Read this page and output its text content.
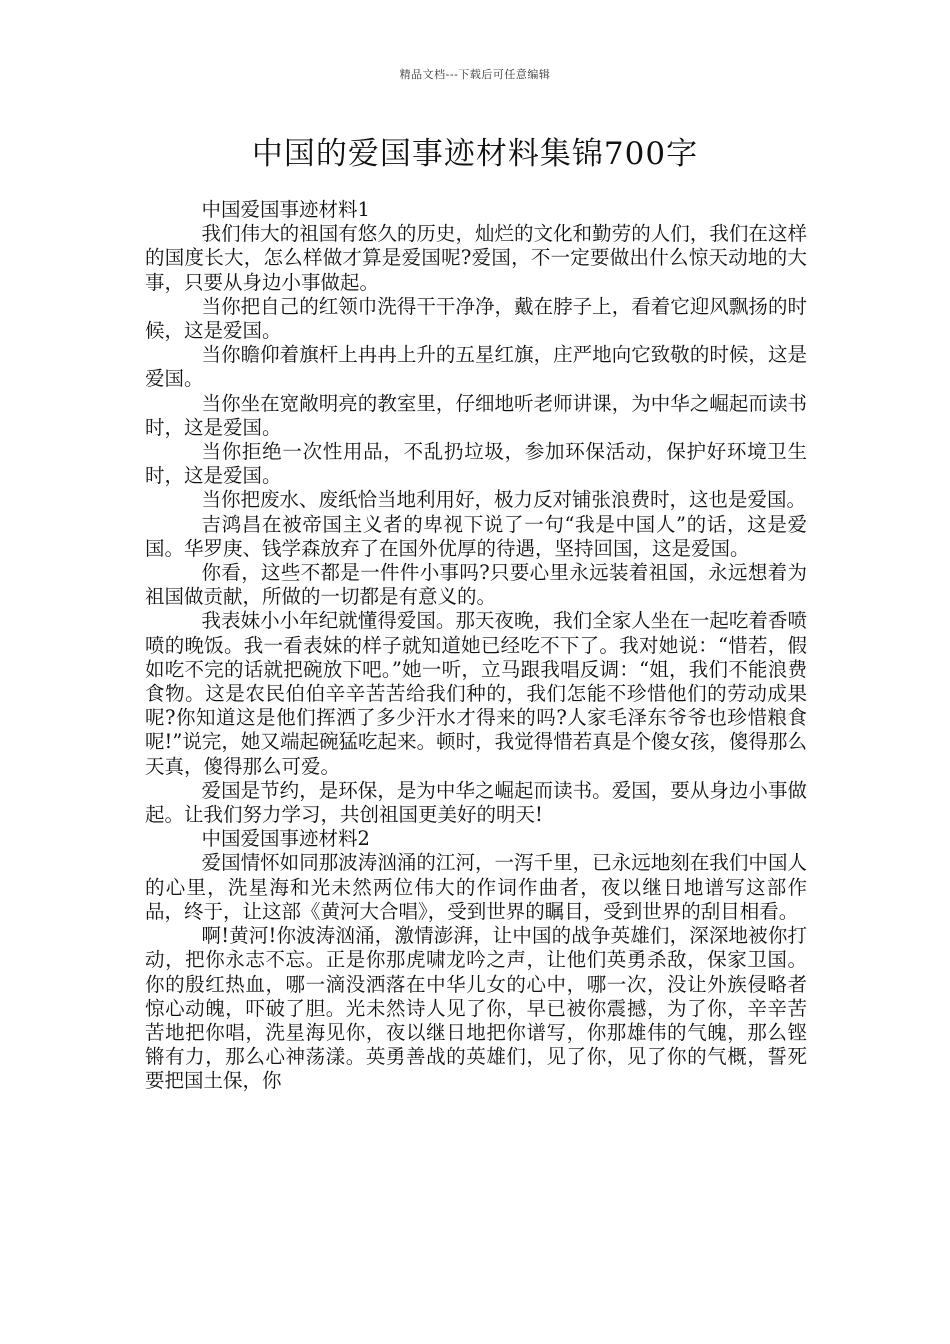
精品文档---下载后可任意编辑
中国的爱国事迹材料集锦700字

中国爱国事迹材料1

我们伟大的祖国有悠久的历史，灿烂的文化和勤劳的人们，我们在这样的国度长大，怎么样做才算是爱国呢?爱国，不一定要做出什么惊天动地的大事，只要从身边小事做起。

当你把自己的红领巾洗得干干净净，戴在脖子上，看着它迎风飘扬的时候，这是爱国。

当你瞻仰着旗杆上冉冉上升的五星红旗，庄严地向它致敬的时候，这是爱国。

当你坐在宽敞明亮的教室里，仔细地听老师讲课，为中华之崛起而读书时，这是爱国。

当你拒绝一次性用品，不乱扔垃圾，参加环保活动，保护好环境卫生时，这是爱国。

当你把废水、废纸恰当地利用好，极力反对铺张浪费时，这也是爱国。

吉鸿昌在被帝国主义者的卑视下说了一句“我是中国人”的话，这是爱国。华罗庚、钱学森放弃了在国外优厚的待遇，坚持回国，这是爱国。

你看，这些不都是一件件小事吗?只要心里永远装着祖国，永远想着为祖国做贡献，所做的一切都是有意义的。

我表妹小小年纪就懂得爱国。那天夜晚，我们全家人坐在一起吃着香喷喷的晚饭。我一看表妹的样子就知道她已经吃不下了。我对她说：“惜若，假如吃不完的话就把碗放下吧。”她一听，立马跟我唱反调：“姐，我们不能浪费食物。这是农民伯伯辛辛苦苦给我们种的，我们怎能不珍惜他们的劳动成果呢?你知道这是他们挥洒了多少汗水才得来的吗?人家毛泽东爷爷也珍惜粮食呢!”说完，她又端起碗猛吃起来。顿时，我觉得惜若真是个傻女孩，傻得那么天真，傻得那么可爱。

爱国是节约，是环保，是为中华之崛起而读书。爱国，要从身边小事做起。让我们努力学习，共创祖国更美好的明天!

中国爱国事迹材料2

爱国情怀如同那波涛汹涌的江河，一泻千里，已永远地刻在我们中国人的心里，洗星海和光未然两位伟大的作词作曲者，夜以继日地谱写这部作品，终于，让这部《黄河大合唱》，受到世界的瞩目，受到世界的刮目相看。

啊!黄河!你波涛汹涌，激情澎湃，让中国的战争英雄们，深深地被你打动，把你永志不忘。正是你那虎啸龙吟之声，让他们英勇杀敌，保家卫国。你的殷红热血，哪一滴没洒落在中华儿女的心中，哪一次，没让外族侵略者惊心动魄，吓破了胆。光未然诗人见了你，早已被你震撼，为了你，辛辛苦苦地把你唱，洗星海见你，夜以继日地把你谱写，你那雄伟的气魄，那么铿锵有力，那么心神荡漾。英勇善战的英雄们，见了你，见了你的气概，誓死要把国土保，你
